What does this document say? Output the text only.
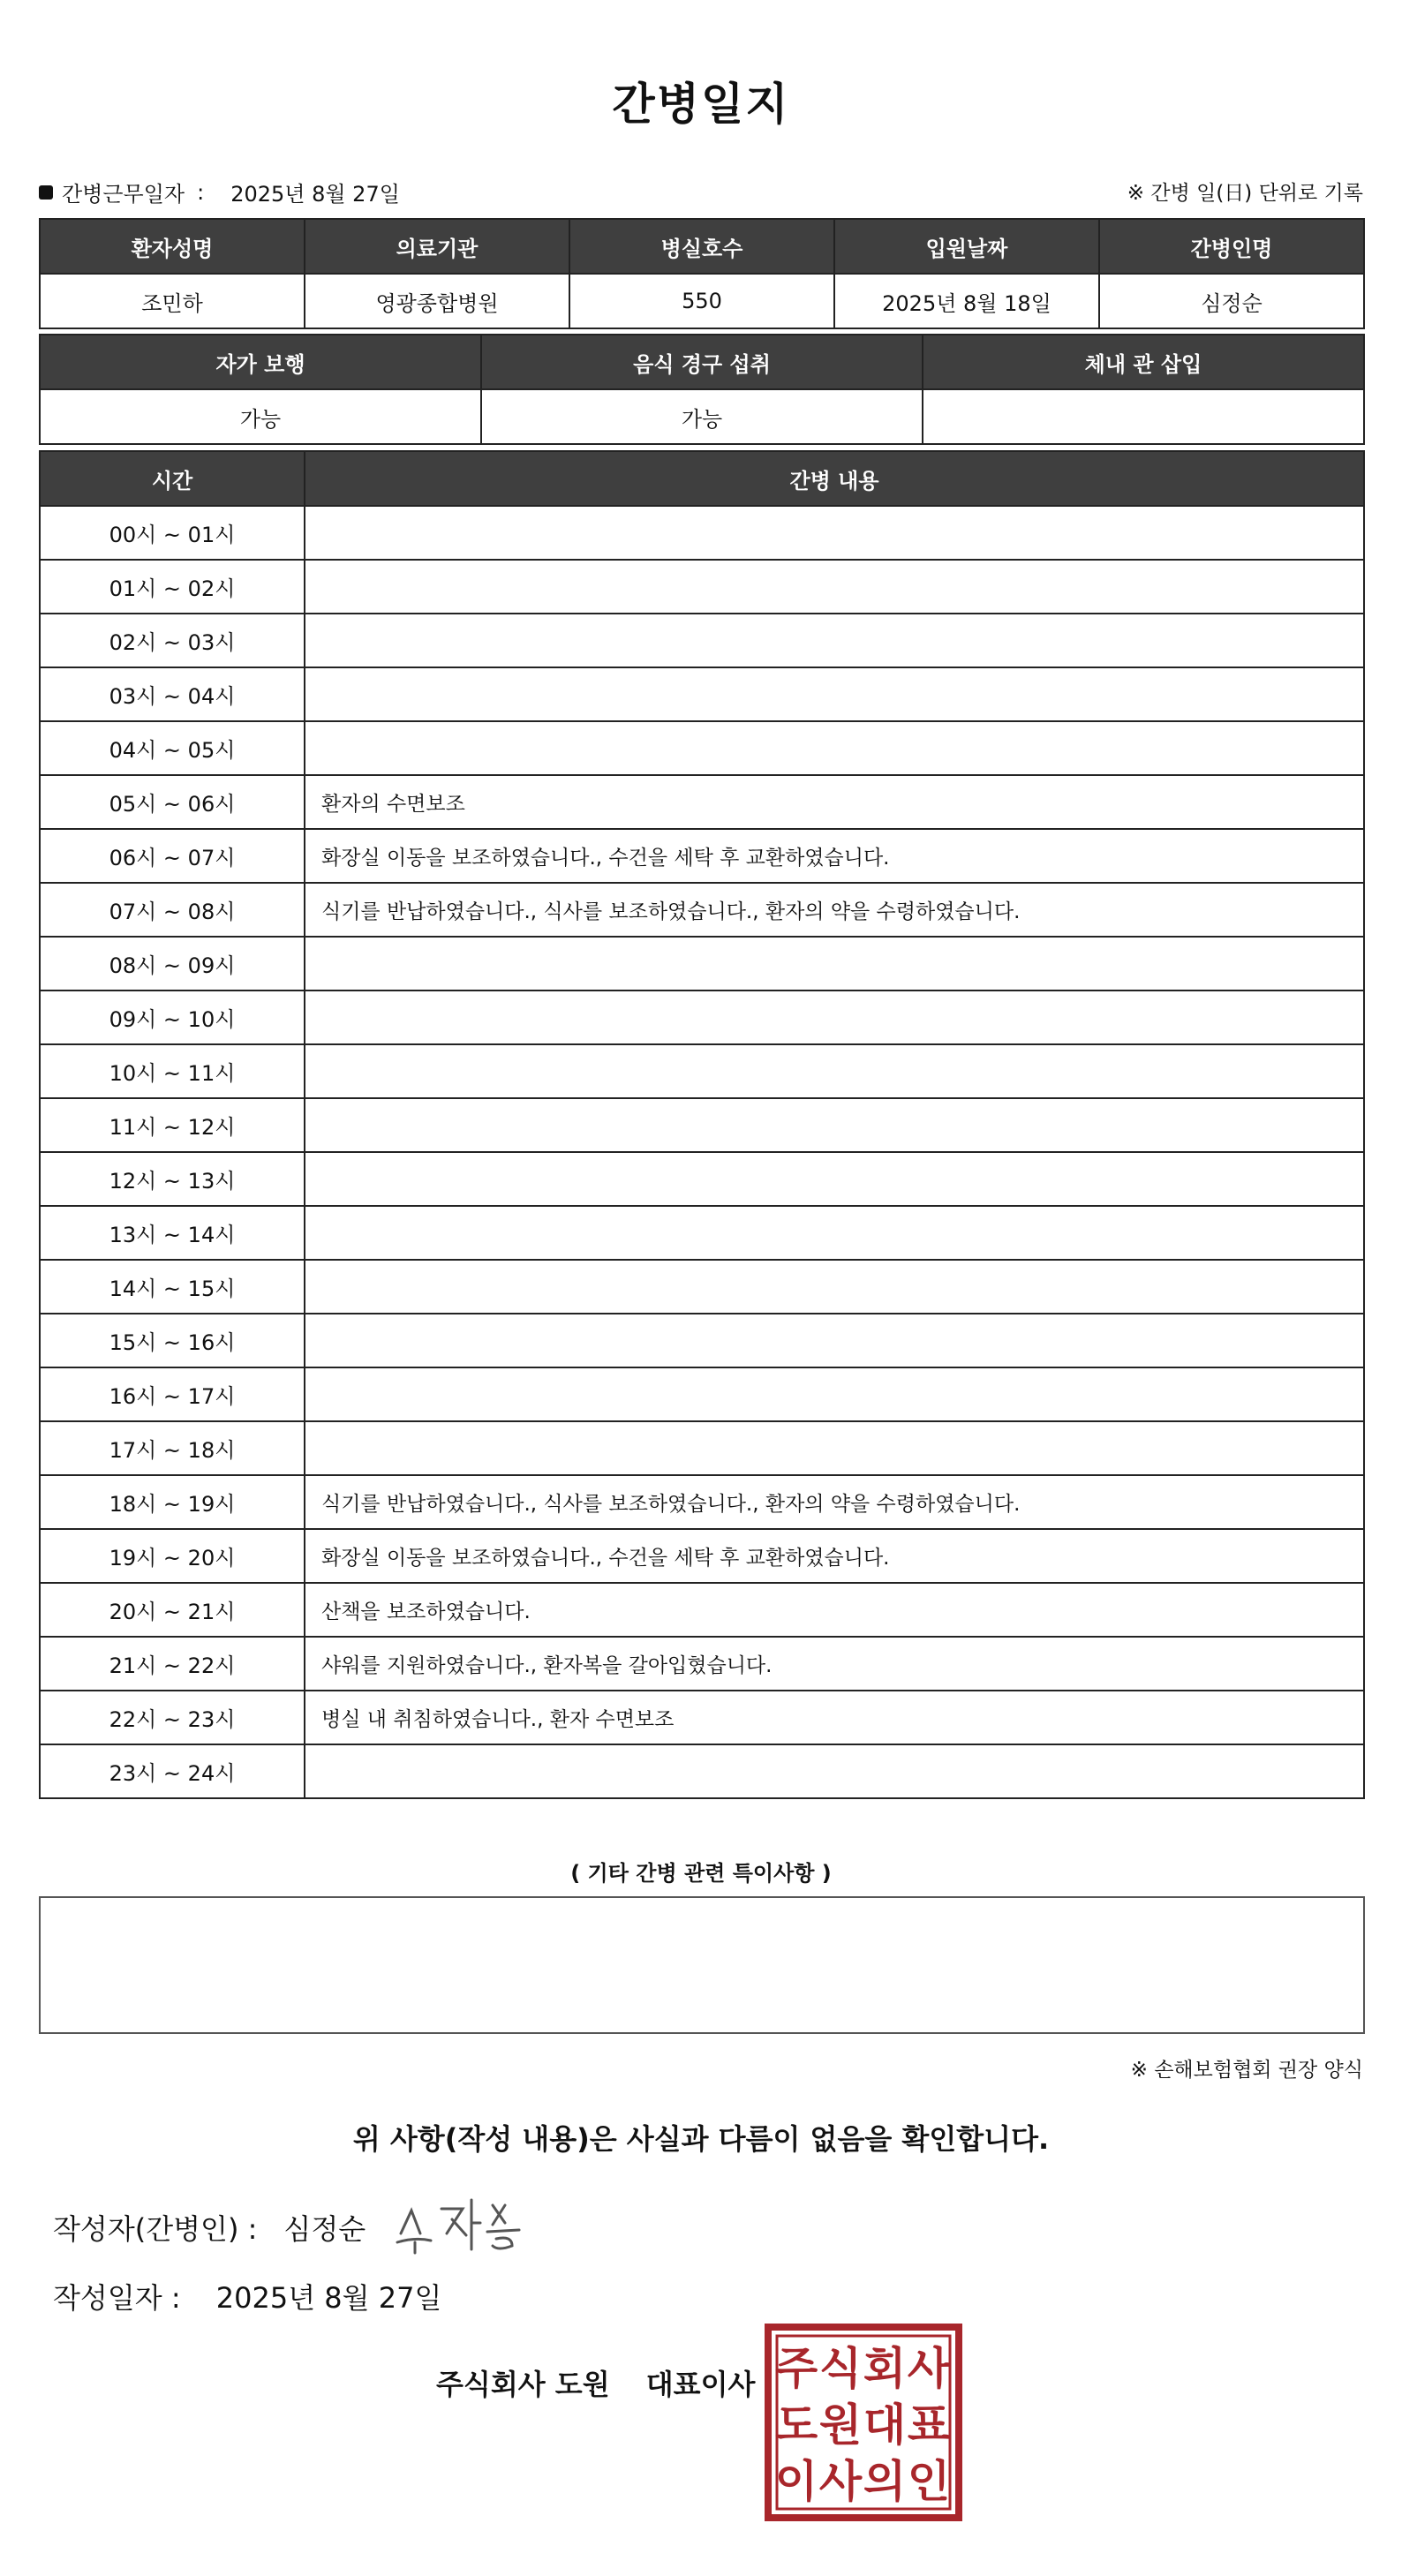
간병일지
간병근무일자 : 2025년 8월 27일	※ 간병 일(日) 단위로 기록
환자성명	의료기관	병실호수	입원날짜	간병인명
조민하	영광종합병원	550	2025년 8월 18일	심정순
자가 보행	음식 경구 섭취	체내 관 삽입
가능	가능	
시간	간병 내용
00시 ~ 01시	
01시 ~ 02시	
02시 ~ 03시	
03시 ~ 04시	
04시 ~ 05시	
05시 ~ 06시	환자의 수면보조
06시 ~ 07시	화장실 이동을 보조하였습니다., 수건을 세탁 후 교환하였습니다.
07시 ~ 08시	식기를 반납하였습니다., 식사를 보조하였습니다., 환자의 약을 수령하였습니다.
08시 ~ 09시	
09시 ~ 10시	
10시 ~ 11시	
11시 ~ 12시	
12시 ~ 13시	
13시 ~ 14시	
14시 ~ 15시	
15시 ~ 16시	
16시 ~ 17시	
17시 ~ 18시	
18시 ~ 19시	식기를 반납하였습니다., 식사를 보조하였습니다., 환자의 약을 수령하였습니다.
19시 ~ 20시	화장실 이동을 보조하였습니다., 수건을 세탁 후 교환하였습니다.
20시 ~ 21시	산책을 보조하였습니다.
21시 ~ 22시	샤워를 지원하였습니다., 환자복을 갈아입혔습니다.
22시 ~ 23시	병실 내 취침하였습니다., 환자 수면보조
23시 ~ 24시	
( 기타 간병 관련 특이사항 )
※ 손해보험협회 권장 양식
위 사항(작성 내용)은 사실과 다름이 없음을 확인합니다.
작성자(간병인) : 심정순
작성일자 : 2025년 8월 27일
주식회사 도원 대표이사 주 식 회 사
도 원 대 표
이 사 의 인
